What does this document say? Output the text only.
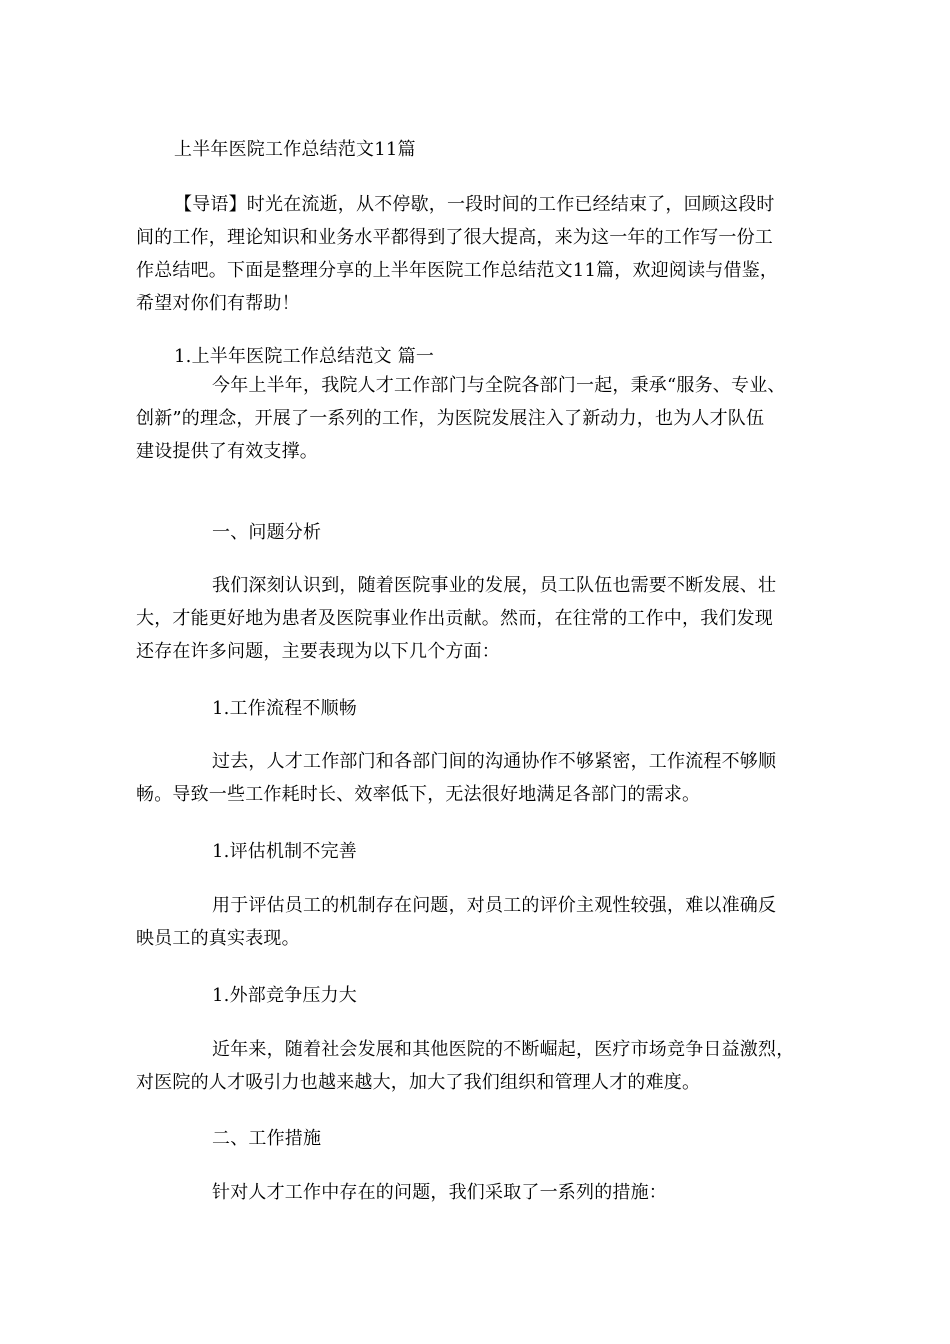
上半年医院工作总结范文11篇
【导语】时光在流逝，从不停歇，一段时间的工作已经结束了，回顾这段时
间的工作，理论知识和业务水平都得到了很大提高，来为这一年的工作写一份工
作总结吧。下面是整理分享的上半年医院工作总结范文11篇，欢迎阅读与借鉴，
希望对你们有帮助！
1.上半年医院工作总结范文 篇一
今年上半年，我院人才工作部门与全院各部门一起，秉承“服务、专业、
创新”的理念，开展了一系列的工作，为医院发展注入了新动力，也为人才队伍
建设提供了有效支撑。
一、问题分析
我们深刻认识到，随着医院事业的发展，员工队伍也需要不断发展、壮
大，才能更好地为患者及医院事业作出贡献。然而，在往常的工作中，我们发现
还存在许多问题，主要表现为以下几个方面：
1.工作流程不顺畅
过去，人才工作部门和各部门间的沟通协作不够紧密，工作流程不够顺
畅。导致一些工作耗时长、效率低下，无法很好地满足各部门的需求。
1.评估机制不完善
用于评估员工的机制存在问题，对员工的评价主观性较强，难以准确反
映员工的真实表现。
1.外部竞争压力大
近年来，随着社会发展和其他医院的不断崛起，医疗市场竞争日益激烈，
对医院的人才吸引力也越来越大，加大了我们组织和管理人才的难度。
二、工作措施
针对人才工作中存在的问题，我们采取了一系列的措施：
